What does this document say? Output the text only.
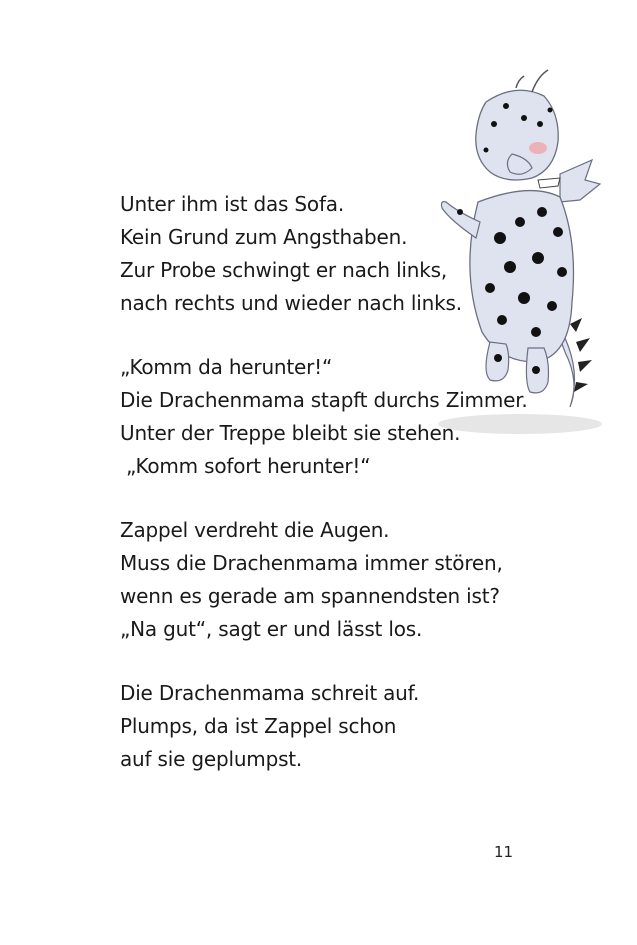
Unter ihm ist das Sofa.
Kein Grund zum Angsthaben.
Zur Probe schwingt er nach links,
nach rechts und wieder nach links.
„Komm da herunter!“
Die Drachenmama stapft durchs Zimmer.
Unter der Treppe bleibt sie stehen.
„Komm sofort herunter!“
Zappel verdreht die Augen.
Muss die Drachenmama immer stören,
wenn es gerade am spannendsten ist?
„Na gut“, sagt er und lässt los.
Die Drachenmama schreit auf.
Plumps, da ist Zappel schon
auf sie geplumpst.
11
